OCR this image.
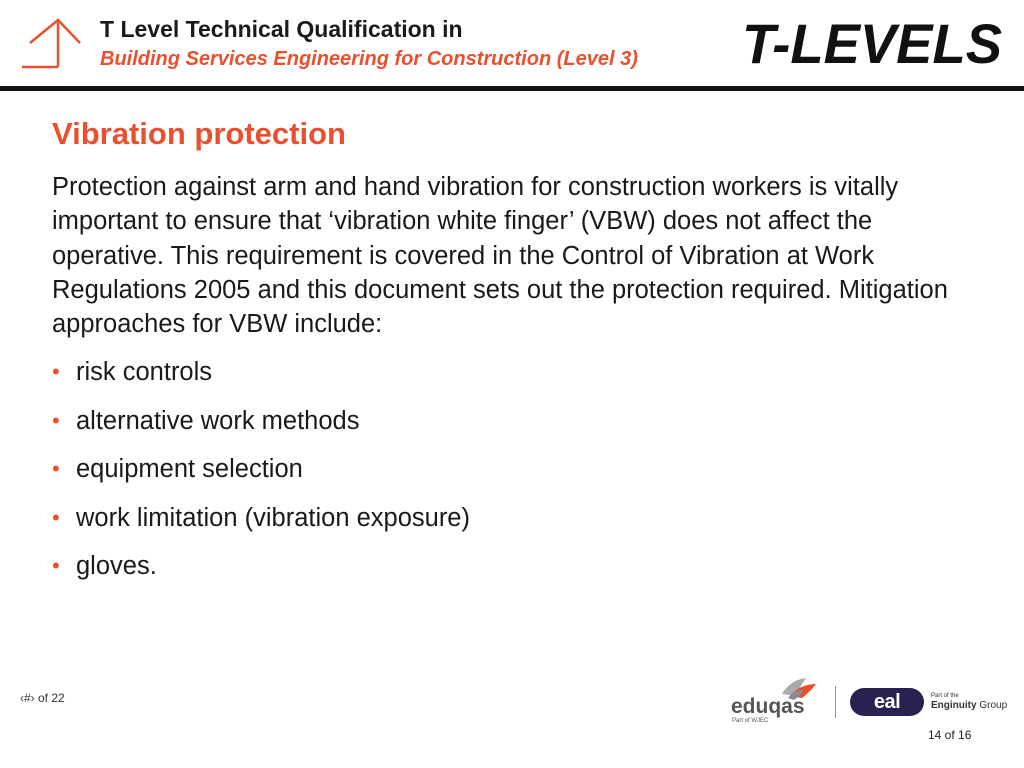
T Level Technical Qualification in
Building Services Engineering for Construction (Level 3) T-LEVELS
Vibration protection
Protection against arm and hand vibration for construction workers is vitally important to ensure that ‘vibration white finger’ (VBW) does not affect the operative. This requirement is covered in the Control of Vibration at Work Regulations 2005 and this document sets out the protection required. Mitigation approaches for VBW include:
• risk controls
• alternative work methods
• equipment selection
• work limitation (vibration exposure)
• gloves.
‹#› of 22	eduqas
Part of WJEC
eal	Part of the
Enginuity Group
14 of 16
